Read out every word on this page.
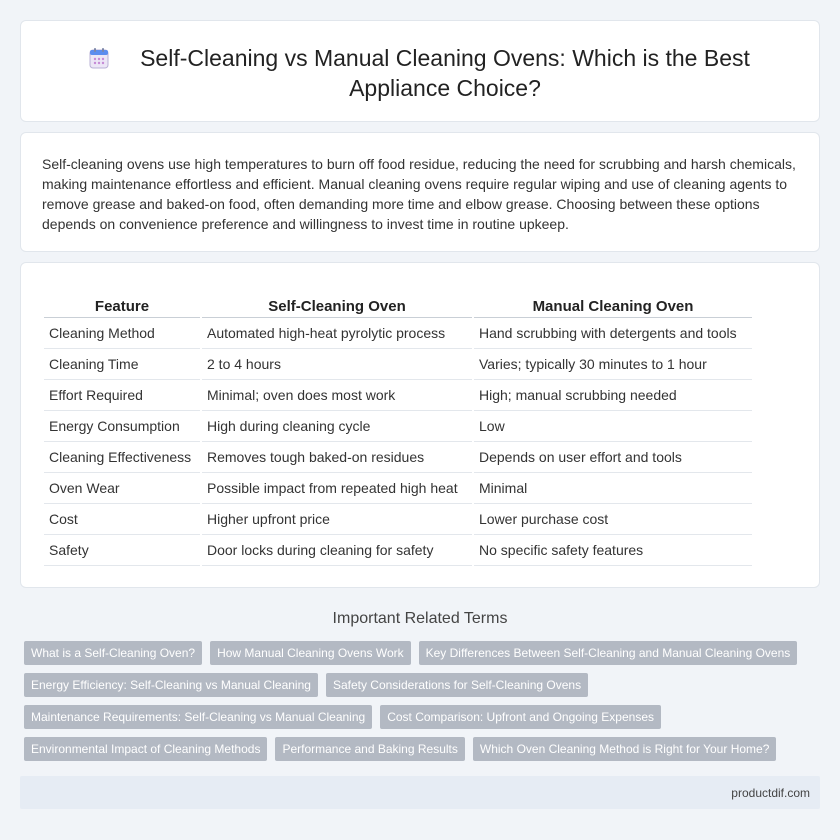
Self-Cleaning vs Manual Cleaning Ovens: Which is the Best Appliance Choice?

Self-cleaning ovens use high temperatures to burn off food residue, reducing the need for scrubbing and harsh chemicals, making maintenance effortless and efficient. Manual cleaning ovens require regular wiping and use of cleaning agents to remove grease and baked-on food, often demanding more time and elbow grease. Choosing between these options depends on convenience preference and willingness to invest time in routine upkeep.

Feature	Self-Cleaning Oven	Manual Cleaning Oven
Cleaning Method	Automated high-heat pyrolytic process	Hand scrubbing with detergents and tools
Cleaning Time	2 to 4 hours	Varies; typically 30 minutes to 1 hour
Effort Required	Minimal; oven does most work	High; manual scrubbing needed
Energy Consumption	High during cleaning cycle	Low
Cleaning Effectiveness	Removes tough baked-on residues	Depends on user effort and tools
Oven Wear	Possible impact from repeated high heat	Minimal
Cost	Higher upfront price	Lower purchase cost
Safety	Door locks during cleaning for safety	No specific safety features
Important Related Terms
What is a Self-Cleaning Oven?	How Manual Cleaning Ovens Work	Key Differences Between Self-Cleaning and Manual Cleaning Ovens
Energy Efficiency: Self-Cleaning vs Manual Cleaning	Safety Considerations for Self-Cleaning Ovens
Maintenance Requirements: Self-Cleaning vs Manual Cleaning	Cost Comparison: Upfront and Ongoing Expenses
Environmental Impact of Cleaning Methods	Performance and Baking Results	Which Oven Cleaning Method is Right for Your Home?
productdif.com
